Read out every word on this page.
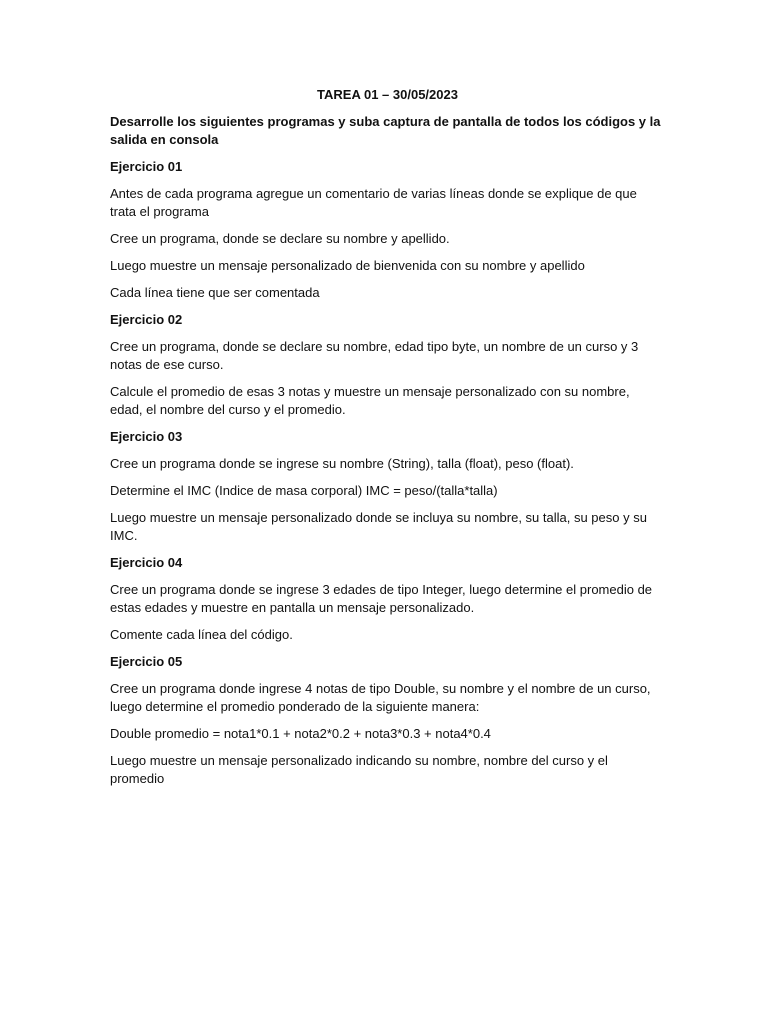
TAREA 01 – 30/05/2023
Desarrolle los siguientes programas y suba captura de pantalla de todos los códigos y la salida en consola
Ejercicio 01
Antes de cada programa agregue un comentario de varias líneas donde se explique de que trata el programa
Cree un programa, donde se declare su nombre y apellido.
Luego muestre un mensaje personalizado de bienvenida con su nombre y apellido
Cada línea tiene que ser comentada
Ejercicio 02
Cree un programa, donde se declare su nombre, edad tipo byte, un nombre de un curso y 3 notas de ese curso.
Calcule el promedio de esas 3 notas y muestre un mensaje personalizado con su nombre, edad, el nombre del curso y el promedio.
Ejercicio 03
Cree un programa donde se ingrese su nombre (String), talla (float), peso (float).
Determine el IMC (Indice de masa corporal) IMC = peso/(talla*talla)
Luego muestre un mensaje personalizado donde se incluya su nombre, su talla, su peso y su IMC.
Ejercicio 04
Cree un programa donde se ingrese 3 edades de tipo Integer, luego determine el promedio de estas edades y muestre en pantalla un mensaje personalizado.
Comente cada línea del código.
Ejercicio 05
Cree un programa donde ingrese 4 notas de tipo Double, su nombre y el nombre de un curso, luego determine el promedio ponderado de la siguiente manera:
Double promedio = nota1*0.1 + nota2*0.2 + nota3*0.3 + nota4*0.4
Luego muestre un mensaje personalizado indicando su nombre, nombre del curso y el promedio
